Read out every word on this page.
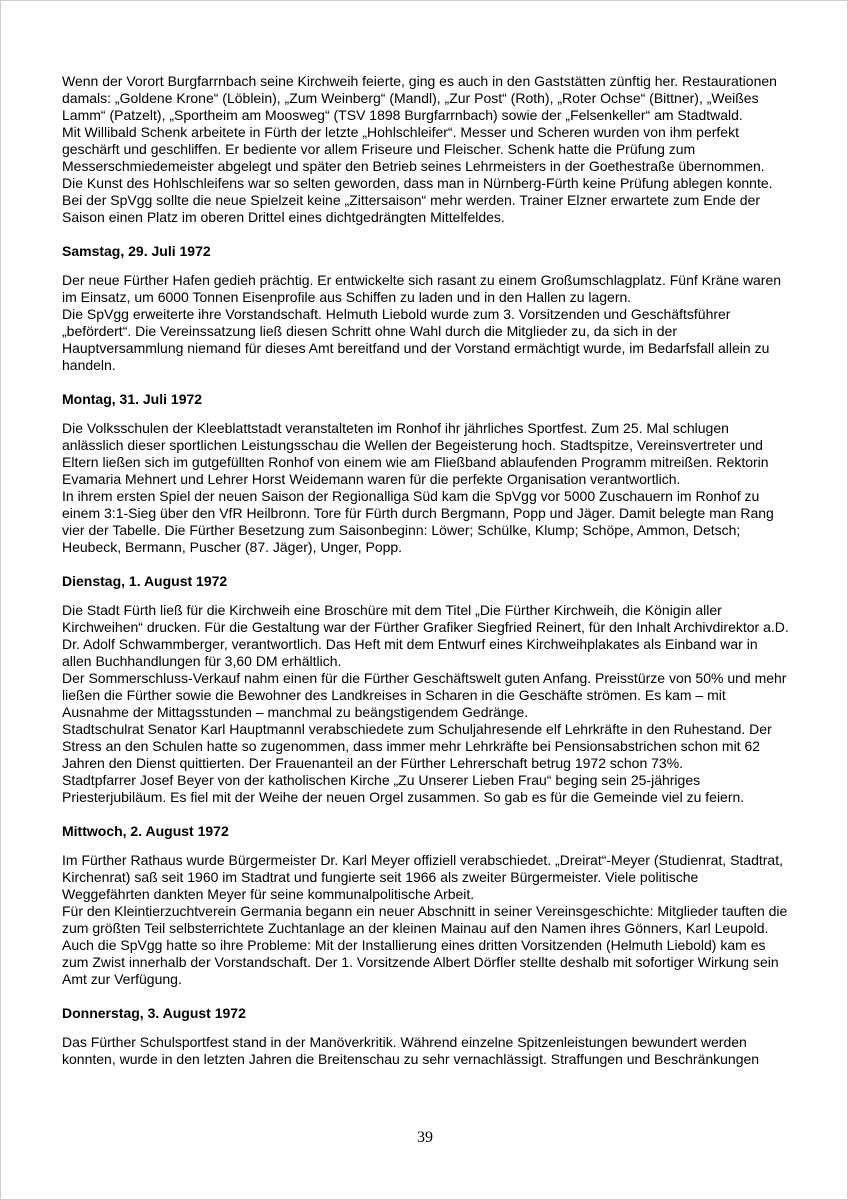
Wenn der Vorort Burgfarrnbach seine Kirchweih feierte, ging es auch in den Gaststätten zünftig her. Restaurationen damals: „Goldene Krone“ (Löblein), „Zum Weinberg“ (Mandl), „Zur Post“ (Roth), „Roter Ochse“ (Bittner), „Weißes Lamm“ (Patzelt), „Sportheim am Moosweg“ (TSV 1898 Burgfarrnbach) sowie der „Felsenkeller“ am Stadtwald.

Mit Willibald Schenk arbeitete in Fürth der letzte „Hohlschleifer“. Messer und Scheren wurden von ihm perfekt geschärft und geschliffen. Er bediente vor allem Friseure und Fleischer. Schenk hatte die Prüfung zum Messerschmiedemeister abgelegt und später den Betrieb seines Lehrmeisters in der Goethestraße übernommen. Die Kunst des Hohlschleifens war so selten geworden, dass man in Nürnberg-Fürth keine Prüfung ablegen konnte.

Bei der SpVgg sollte die neue Spielzeit keine „Zittersaison“ mehr werden. Trainer Elzner erwartete zum Ende der Saison einen Platz im oberen Drittel eines dichtgedrängten Mittelfeldes.

Samstag, 29. Juli 1972

Der neue Fürther Hafen gedieh prächtig. Er entwickelte sich rasant zu einem Großumschlagplatz. Fünf Kräne waren im Einsatz, um 6000 Tonnen Eisenprofile aus Schiffen zu laden und in den Hallen zu lagern.

Die SpVgg erweiterte ihre Vorstandschaft. Helmuth Liebold wurde zum 3. Vorsitzenden und Geschäftsführer „befördert“. Die Vereinssatzung ließ diesen Schritt ohne Wahl durch die Mitglieder zu, da sich in der Hauptversammlung niemand für dieses Amt bereitfand und der Vorstand ermächtigt wurde, im Bedarfsfall allein zu handeln.

Montag, 31. Juli 1972

Die Volksschulen der Kleeblattstadt veranstalteten im Ronhof ihr jährliches Sportfest. Zum 25. Mal schlugen anlässlich dieser sportlichen Leistungsschau die Wellen der Begeisterung hoch. Stadtspitze, Vereinsvertreter und Eltern ließen sich im gutgefüllten Ronhof von einem wie am Fließband ablaufenden Programm mitreißen. Rektorin Evamaria Mehnert und Lehrer Horst Weidemann waren für die perfekte Organisation verantwortlich.

In ihrem ersten Spiel der neuen Saison der Regionalliga Süd kam die SpVgg vor 5000 Zuschauern im Ronhof zu einem 3:1-Sieg über den VfR Heilbronn. Tore für Fürth durch Bergmann, Popp und Jäger. Damit belegte man Rang vier der Tabelle. Die Fürther Besetzung zum Saisonbeginn: Löwer; Schülke, Klump; Schöpe, Ammon, Detsch; Heubeck, Bermann, Puscher (87. Jäger), Unger, Popp.

Dienstag, 1. August 1972

Die Stadt Fürth ließ für die Kirchweih eine Broschüre mit dem Titel „Die Fürther Kirchweih, die Königin aller Kirchweihen“ drucken. Für die Gestaltung war der Fürther Grafiker Siegfried Reinert, für den Inhalt Archivdirektor a.D. Dr. Adolf Schwammberger, verantwortlich. Das Heft mit dem Entwurf eines Kirchweihplakates als Einband war in allen Buchhandlungen für 3,60 DM erhältlich.

Der Sommerschluss-Verkauf nahm einen für die Fürther Geschäftswelt guten Anfang. Preisstürze von 50% und mehr ließen die Fürther sowie die Bewohner des Landkreises in Scharen in die Geschäfte strömen. Es kam – mit Ausnahme der Mittagsstunden – manchmal zu beängstigendem Gedränge.

Stadtschulrat Senator Karl Hauptmannl verabschiedete zum Schuljahresende elf Lehrkräfte in den Ruhestand. Der Stress an den Schulen hatte so zugenommen, dass immer mehr Lehrkräfte bei Pensionsabstrichen schon mit 62 Jahren den Dienst quittierten. Der Frauenanteil an der Fürther Lehrerschaft betrug 1972 schon 73%.

Stadtpfarrer Josef Beyer von der katholischen Kirche „Zu Unserer Lieben Frau“ beging sein 25-jähriges Priesterjubiläum. Es fiel mit der Weihe der neuen Orgel zusammen. So gab es für die Gemeinde viel zu feiern.

Mittwoch, 2. August 1972

Im Fürther Rathaus wurde Bürgermeister Dr. Karl Meyer offiziell verabschiedet. „Dreirat“-Meyer (Studienrat, Stadtrat, Kirchenrat) saß seit 1960 im Stadtrat und fungierte seit 1966 als zweiter Bürgermeister. Viele politische Weggefährten dankten Meyer für seine kommunalpolitische Arbeit.

Für den Kleintierzuchtverein Germania begann ein neuer Abschnitt in seiner Vereinsgeschichte: Mitglieder tauften die zum größten Teil selbsterrichtete Zuchtanlage an der kleinen Mainau auf den Namen ihres Gönners, Karl Leupold.

Auch die SpVgg hatte so ihre Probleme: Mit der Installierung eines dritten Vorsitzenden (Helmuth Liebold) kam es zum Zwist innerhalb der Vorstandschaft. Der 1. Vorsitzende Albert Dörfler stellte deshalb mit sofortiger Wirkung sein Amt zur Verfügung.

Donnerstag, 3. August 1972

Das Fürther Schulsportfest stand in der Manöverkritik. Während einzelne Spitzenleistungen bewundert werden konnten, wurde in den letzten Jahren die Breitenschau zu sehr vernachlässigt. Straffungen und Beschränkungen

39
